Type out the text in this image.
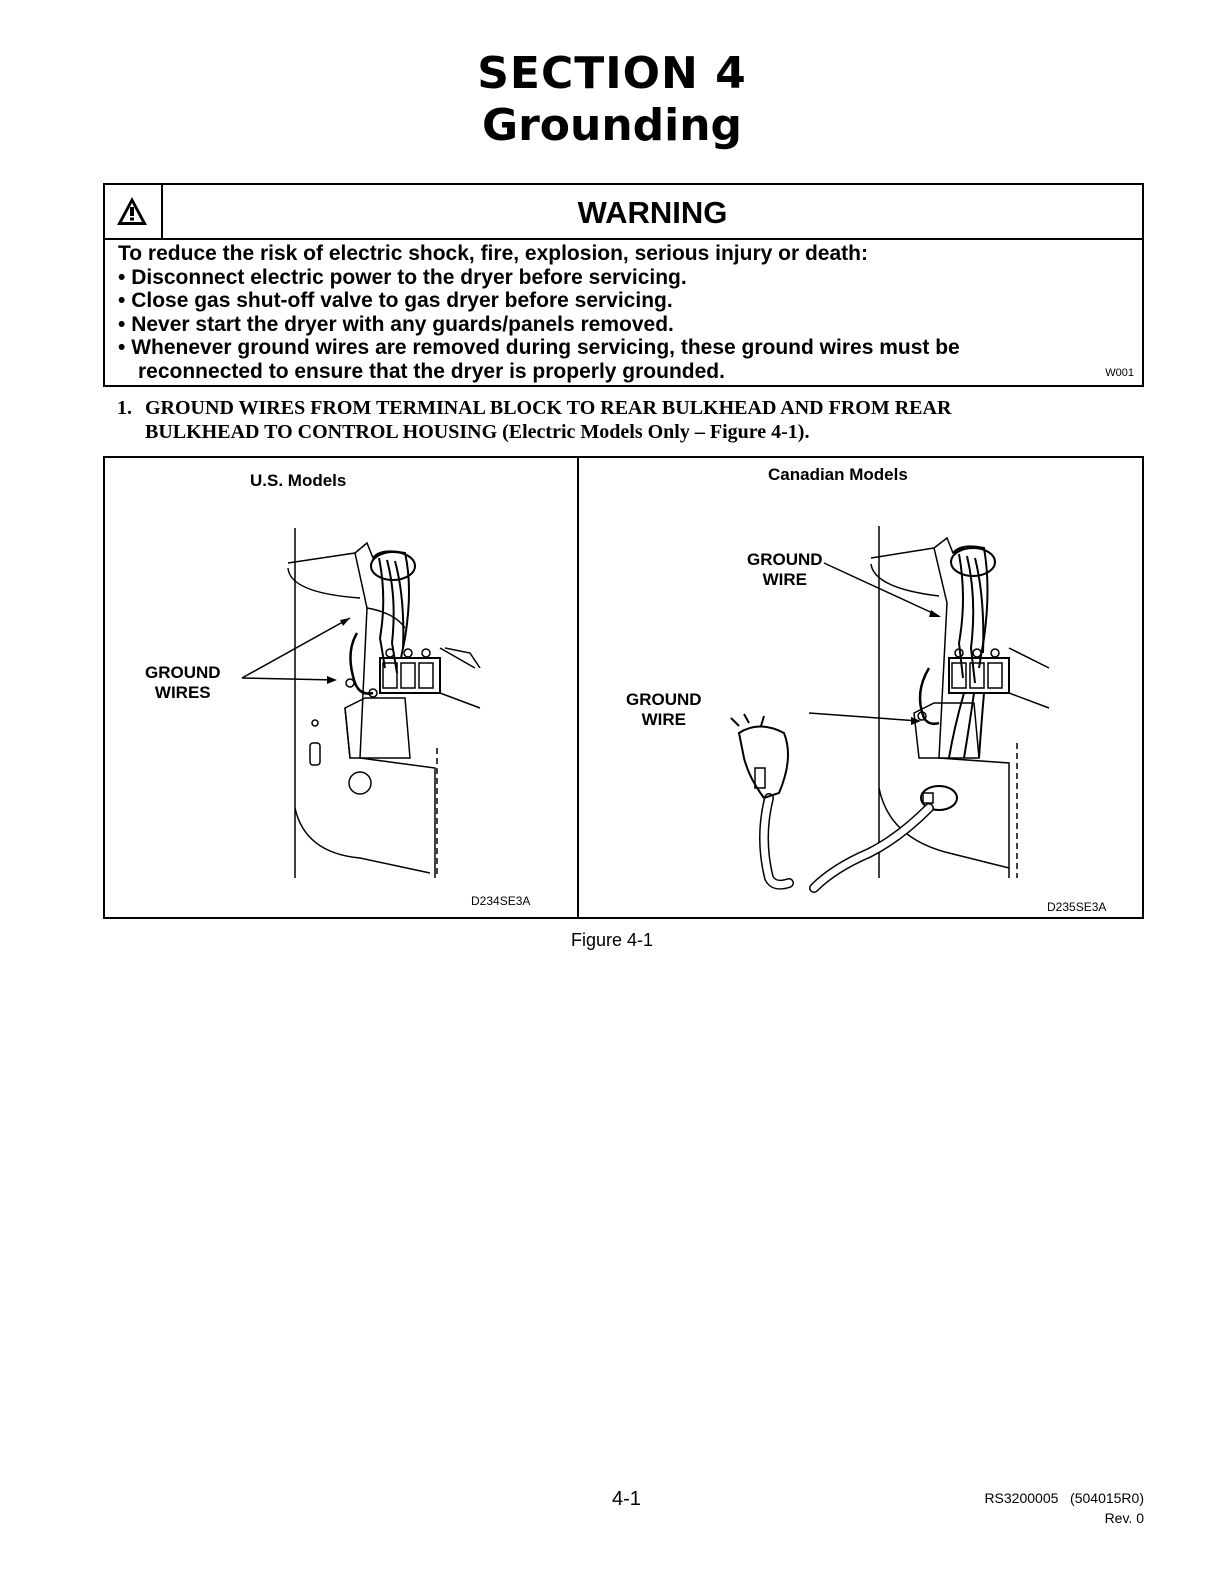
SECTION 4
Grounding
WARNING
To reduce the risk of electric shock, fire, explosion, serious injury or death:
• Disconnect electric power to the dryer before servicing.
• Close gas shut-off valve to gas dryer before servicing.
• Never start the dryer with any guards/panels removed.
• Whenever ground wires are removed during servicing, these ground wires must be reconnected to ensure that the dryer is properly grounded.	W001
1. GROUND WIRES FROM TERMINAL BLOCK TO REAR BULKHEAD AND FROM REAR
BULKHEAD TO CONTROL HOUSING (Electric Models Only – Figure 4-1).
U.S. Models
GROUND
WIRES
D234SE3A
Canadian Models
GROUND
WIRE
GROUND
WIRE
D235SE3A
Figure 4-1
4-1	RS3200005   (504015R0)
Rev. 0
